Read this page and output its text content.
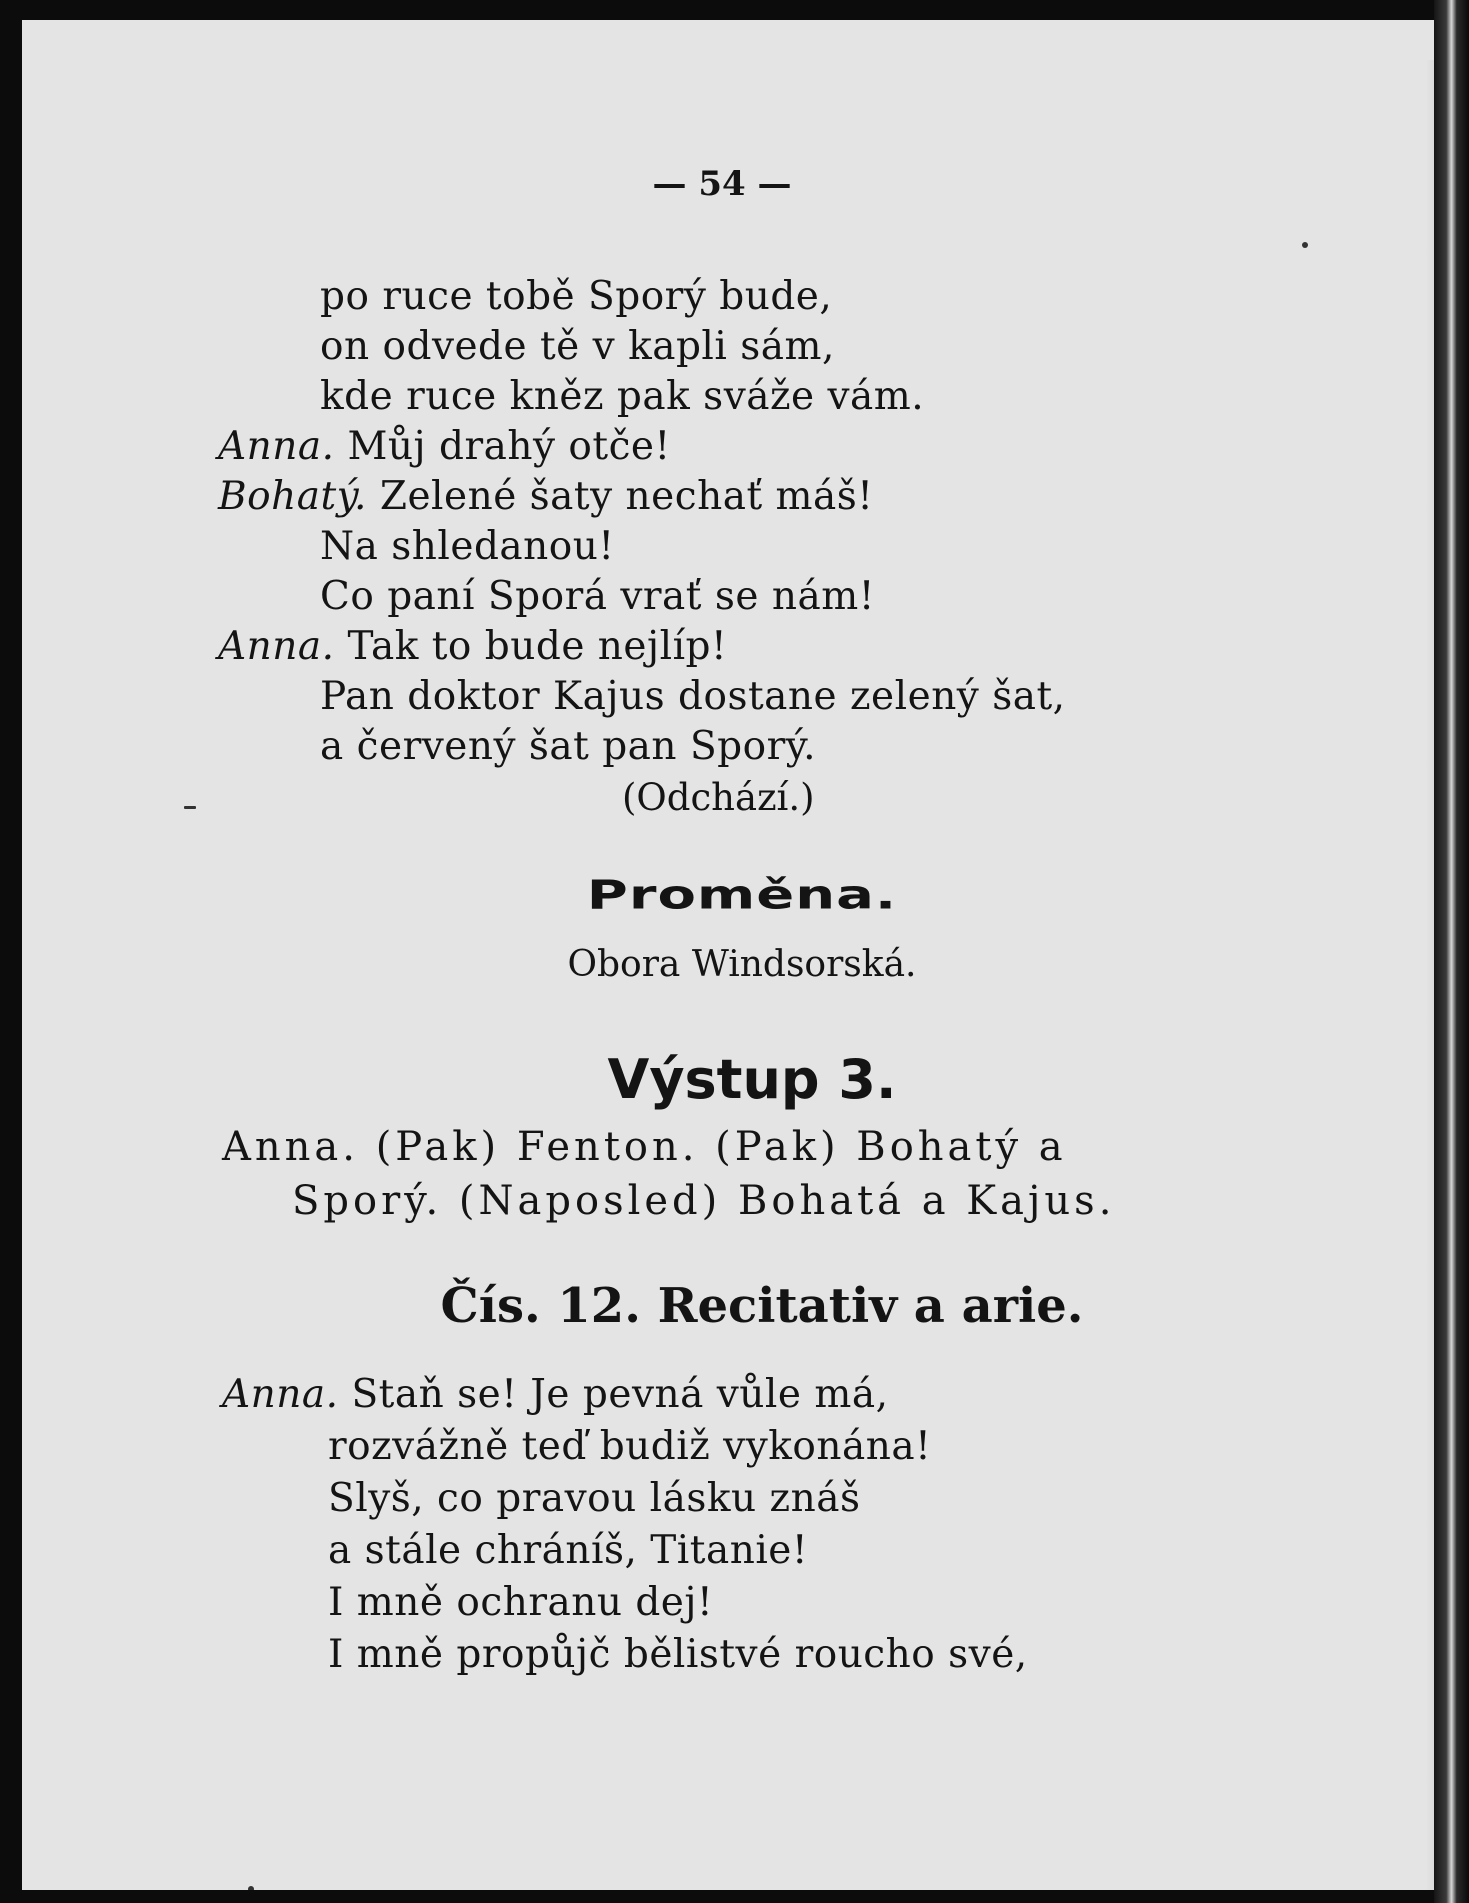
— 54 —
po ruce tobě Sporý bude,
on odvede tě v kapli sám,
kde ruce kněz pak sváže vám.
Anna. Můj drahý otče!
Bohatý. Zelené šaty nechať máš!
Na shledanou!
Co paní Sporá vrať se nám!
Anna. Tak to bude nejlíp!
Pan doktor Kajus dostane zelený šat,
a červený šat pan Sporý.
(Odchází.)
Proměna.
Obora Windsorská.
Výstup 3.
Anna. (Pak) Fenton. (Pak) Bohatý a
Sporý. (Naposled) Bohatá a Kajus.
Čís. 12. Recitativ a arie.
Anna. Staň se! Je pevná vůle má,
rozvážně teď budiž vykonána!
Slyš, co pravou lásku znáš
a stále chráníš, Titanie!
I mně ochranu dej!
I mně propůjč bělistvé roucho své,
